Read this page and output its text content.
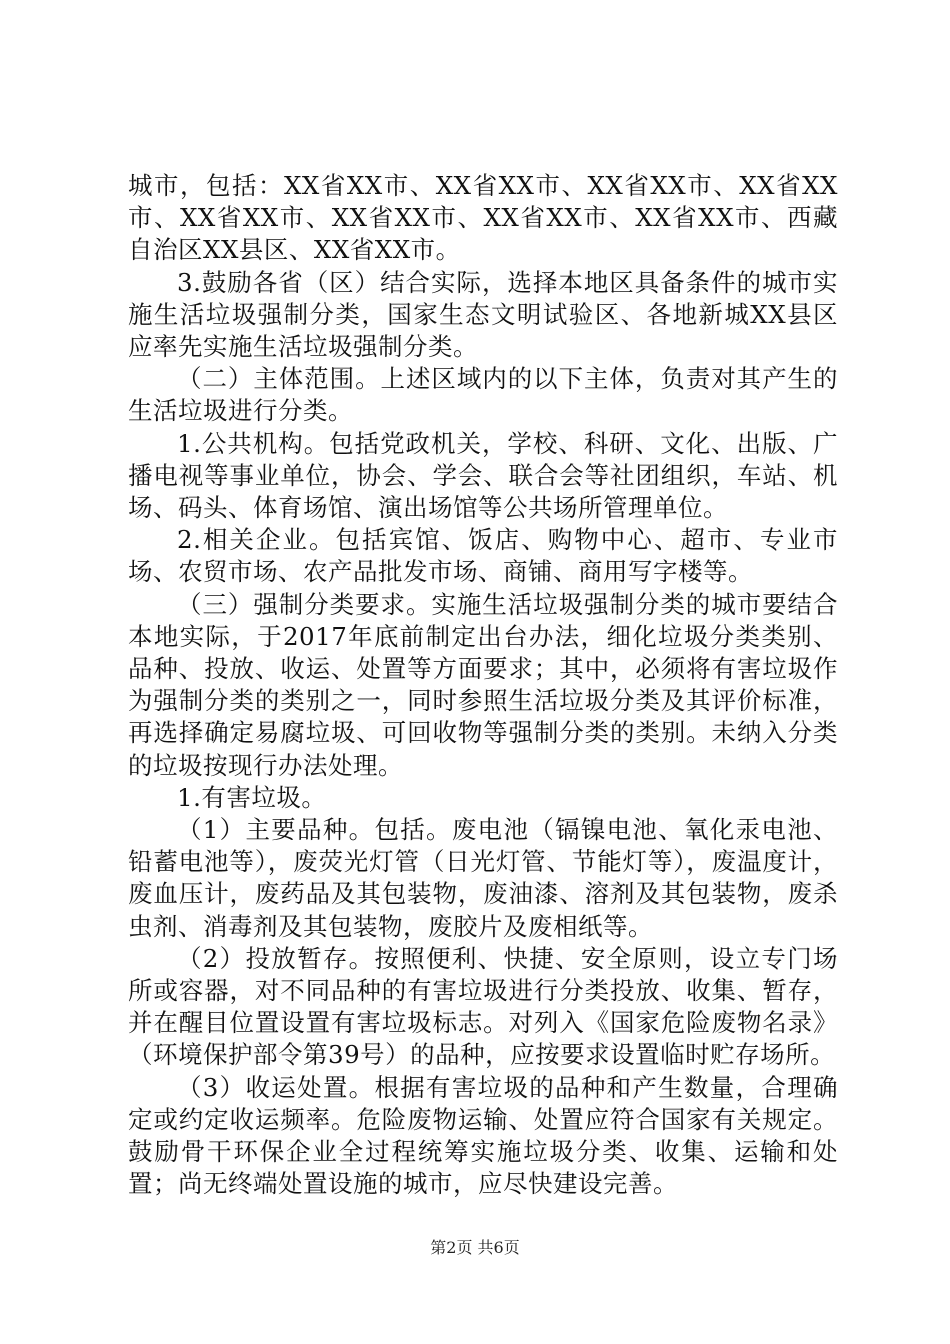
城市，包括：XX省XX市、XX省XX市、XX省XX市、XX省XX市、XX省XX市、XX省XX市、XX省XX市、XX省XX市、西藏自治区XX县区、XX省XX市。

3.鼓励各省（区）结合实际，选择本地区具备条件的城市实施生活垃圾强制分类，国家生态文明试验区、各地新城XX县区应率先实施生活垃圾强制分类。

（二）主体范围。上述区域内的以下主体，负责对其产生的生活垃圾进行分类。

1.公共机构。包括党政机关，学校、科研、文化、出版、广播电视等事业单位，协会、学会、联合会等社团组织，车站、机场、码头、体育场馆、演出场馆等公共场所管理单位。

2.相关企业。包括宾馆、饭店、购物中心、超市、专业市场、农贸市场、农产品批发市场、商铺、商用写字楼等。

（三）强制分类要求。实施生活垃圾强制分类的城市要结合本地实际，于2017年底前制定出台办法，细化垃圾分类类别、品种、投放、收运、处置等方面要求；其中，必须将有害垃圾作为强制分类的类别之一，同时参照生活垃圾分类及其评价标准，再选择确定易腐垃圾、可回收物等强制分类的类别。未纳入分类的垃圾按现行办法处理。

1.有害垃圾。

（1）主要品种。包括。废电池（镉镍电池、氧化汞电池、铅蓄电池等），废荧光灯管（日光灯管、节能灯等），废温度计，废血压计，废药品及其包装物，废油漆、溶剂及其包装物，废杀虫剂、消毒剂及其包装物，废胶片及废相纸等。

（2）投放暂存。按照便利、快捷、安全原则，设立专门场所或容器，对不同品种的有害垃圾进行分类投放、收集、暂存，并在醒目位置设置有害垃圾标志。对列入《国家危险废物名录》（环境保护部令第39号）的品种，应按要求设置临时贮存场所。

（3）收运处置。根据有害垃圾的品种和产生数量，合理确定或约定收运频率。危险废物运输、处置应符合国家有关规定。鼓励骨干环保企业全过程统筹实施垃圾分类、收集、运输和处置；尚无终端处置设施的城市，应尽快建设完善。

第2页 共6页
